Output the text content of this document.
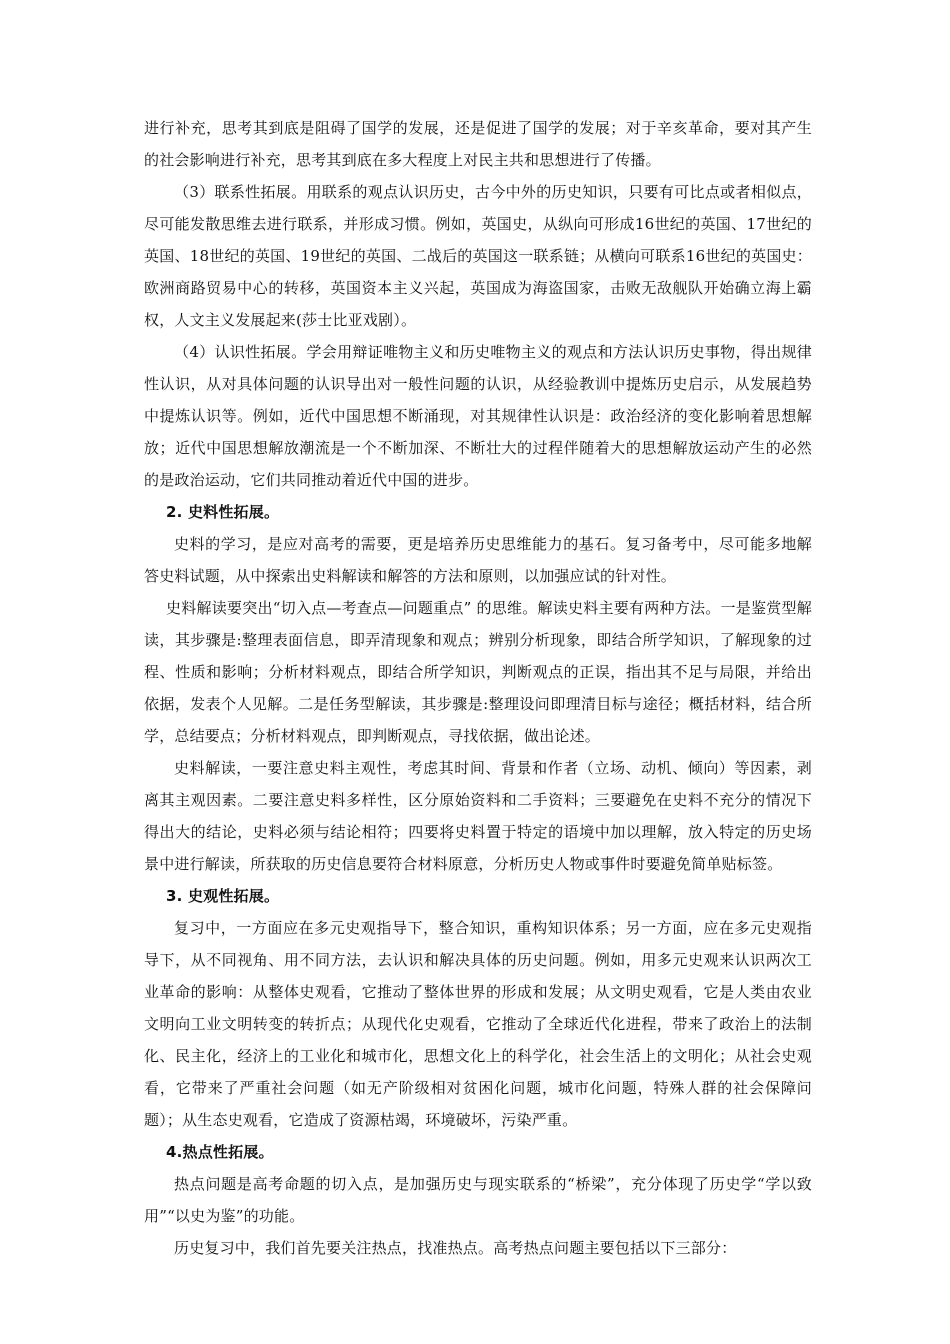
进行补充，思考其到底是阻碍了国学的发展，还是促进了国学的发展；对于辛亥革命，要对其产生的社会影响进行补充，思考其到底在多大程度上对民主共和思想进行了传播。

（3）联系性拓展。用联系的观点认识历史，古今中外的历史知识，只要有可比点或者相似点，尽可能发散思维去进行联系，并形成习惯。例如，英国史，从纵向可形成16世纪的英国、17世纪的英国、18世纪的英国、19世纪的英国、二战后的英国这一联系链；从横向可联系16世纪的英国史：欧洲商路贸易中心的转移，英国资本主义兴起，英国成为海盗国家，击败无敌舰队开始确立海上霸权，人文主义发展起来(莎士比亚戏剧）。

（4）认识性拓展。学会用辩证唯物主义和历史唯物主义的观点和方法认识历史事物，得出规律性认识，从对具体问题的认识导出对一般性问题的认识，从经验教训中提炼历史启示，从发展趋势中提炼认识等。例如，近代中国思想不断涌现，对其规律性认识是：政治经济的变化影响着思想解放；近代中国思想解放潮流是一个不断加深、不断壮大的过程伴随着大的思想解放运动产生的必然的是政治运动，它们共同推动着近代中国的进步。

2. 史料性拓展。

史料的学习，是应对高考的需要，更是培养历史思维能力的基石。复习备考中，尽可能多地解答史料试题，从中探索出史料解读和解答的方法和原则，以加强应试的针对性。

史料解读要突出“切入点—考查点—问题重点” 的思维。解读史料主要有两种方法。一是鉴赏型解读，其步骤是:整理表面信息，即弄清现象和观点；辨别分析现象，即结合所学知识，了解现象的过程、性质和影响；分析材料观点，即结合所学知识，判断观点的正误，指出其不足与局限，并给出依据，发表个人见解。二是任务型解读，其步骤是:整理设问即理清目标与途径；概括材料，结合所学，总结要点；分析材料观点，即判断观点，寻找依据，做出论述。

史料解读，一要注意史料主观性，考虑其时间、背景和作者（立场、动机、倾向）等因素，剥离其主观因素。二要注意史料多样性，区分原始资料和二手资料；三要避免在史料不充分的情况下得出大的结论，史料必须与结论相符；四要将史料置于特定的语境中加以理解，放入特定的历史场景中进行解读，所获取的历史信息要符合材料原意，分析历史人物或事件时要避免简单贴标签。

3. 史观性拓展。

复习中，一方面应在多元史观指导下，整合知识，重构知识体系；另一方面，应在多元史观指导下，从不同视角、用不同方法，去认识和解决具体的历史问题。例如，用多元史观来认识两次工业革命的影响：从整体史观看，它推动了整体世界的形成和发展；从文明史观看，它是人类由农业文明向工业文明转变的转折点；从现代化史观看，它推动了全球近代化进程，带来了政治上的法制化、民主化，经济上的工业化和城市化，思想文化上的科学化，社会生活上的文明化；从社会史观看，它带来了严重社会问题（如无产阶级相对贫困化问题，城市化问题，特殊人群的社会保障问题）；从生态史观看，它造成了资源枯竭，环境破坏，污染严重。

4.热点性拓展。

热点问题是高考命题的切入点，是加强历史与现实联系的“桥梁”，充分体现了历史学“学以致用”“以史为鉴”的功能。

历史复习中，我们首先要关注热点，找准热点。高考热点问题主要包括以下三部分：
